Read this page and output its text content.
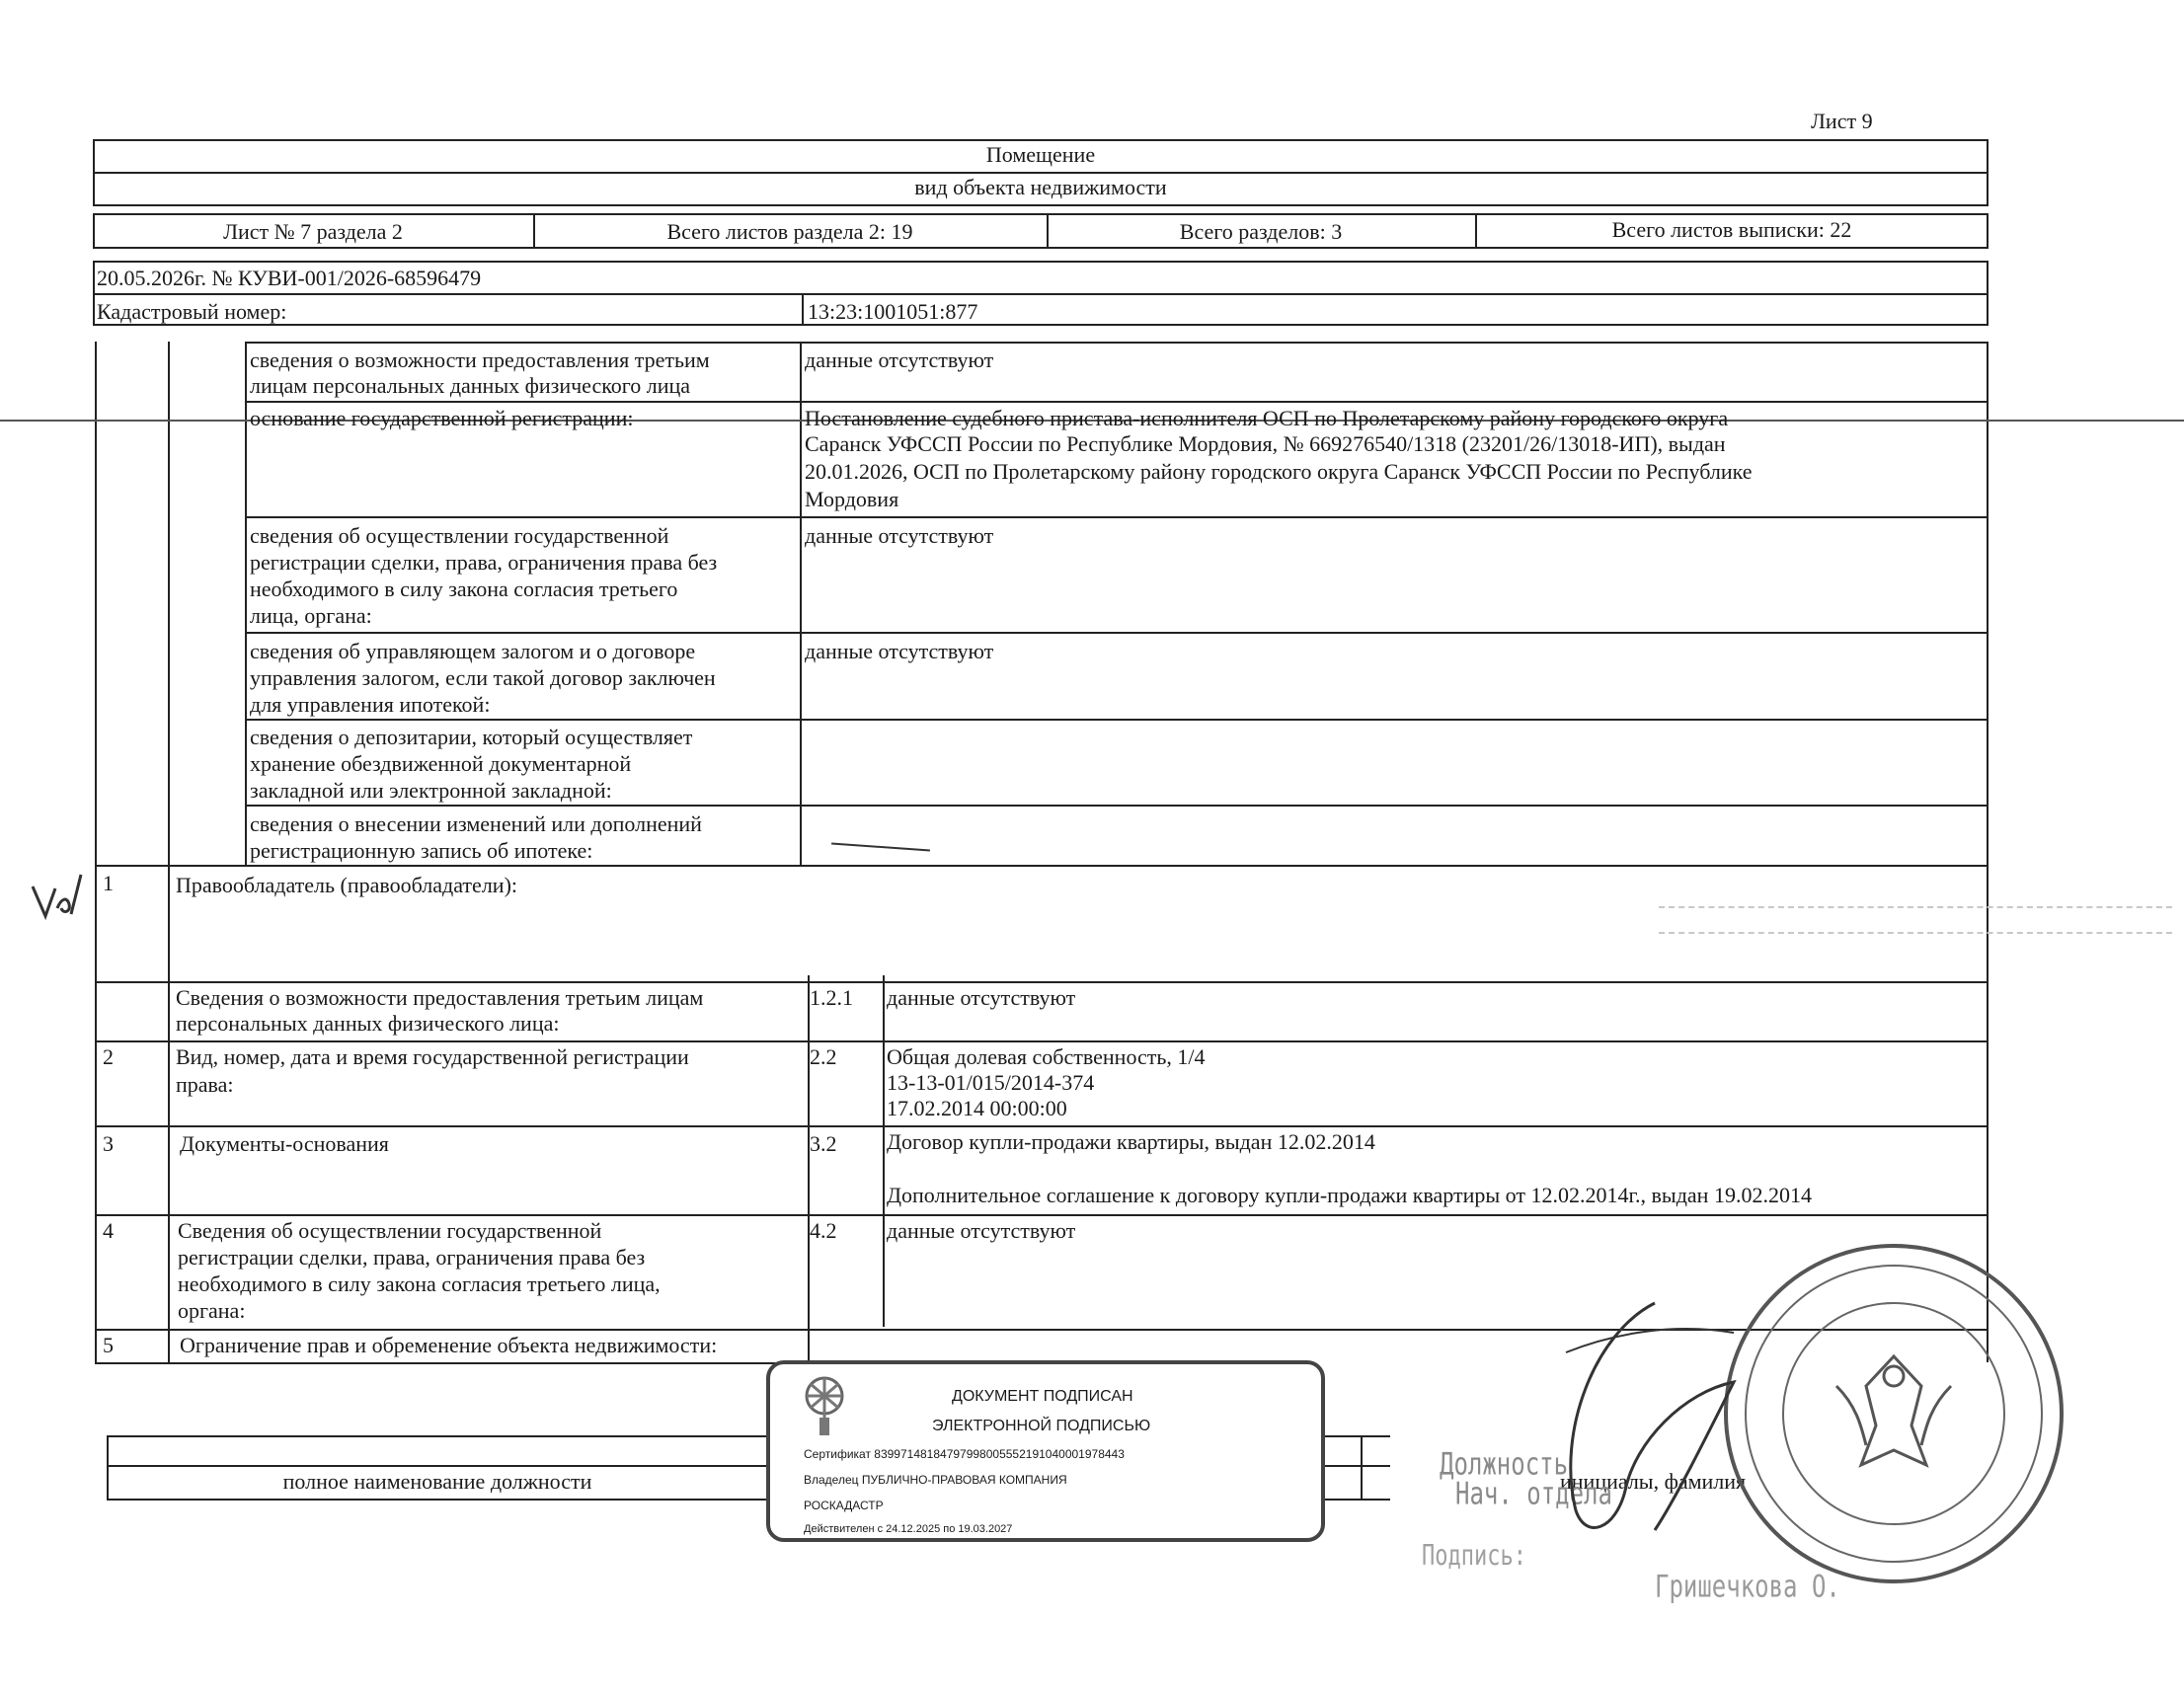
Лист 9
Помещение
вид объекта недвижимости
Лист № 7 раздела 2	Всего листов раздела 2: 19	Всего разделов: 3	Всего листов выписки: 22
20.05.2026г. № КУВИ-001/2026-68596479
Кадастровый номер:	13:23:1001051:877
сведения о возможности предоставления третьим
лицам персональных данных физического лица
данные отсутствуют
основание государственной регистрации:	Постановление судебного пристава-исполнителя ОСП по Пролетарскому району городского округа
Саранск УФССП России по Республике Мордовия, № 669276540/1318 (23201/26/13018-ИП), выдан
20.01.2026, ОСП по Пролетарскому району городского округа Саранск УФССП России по Республике
Мордовия
сведения об осуществлении государственной
регистрации сделки, права, ограничения права без
необходимого в силу закона согласия третьего
лица, органа:
данные отсутствуют
сведения об управляющем залогом и о договоре
управления залогом, если такой договор заключен
для управления ипотекой:
данные отсутствуют
сведения о депозитарии, который осуществляет
хранение обездвиженной документарной
закладной или электронной закладной:
сведения о внесении изменений или дополнений
регистрационную запись об ипотеке:
1	Правообладатель (правообладатели):
Сведения о возможности предоставления третьим лицам
персональных данных физического лица:
1.2.1 данные отсутствуют
2	Вид, номер, дата и время государственной регистрации
права:
2.2 Общая долевая собственность, 1/4
13-13-01/015/2014-374
17.02.2014 00:00:00
3	Документы-основания	3.2 Договор купли-продажи квартиры, выдан 12.02.2014
Дополнительное соглашение к договору купли-продажи квартиры от 12.02.2014г., выдан 19.02.2014
4	Сведения об осуществлении государственной
регистрации сделки, права, ограничения права без
необходимого в силу закона согласия третьего лица,
органа:
4.2 данные отсутствуют
5	Ограничение прав и обременение объекта недвижимости:
полное наименование должности	инициалы, фамилия
Должность
Нач. отдела
Подпись:
Гришечкова О.
ДОКУМЕНТ ПОДПИСАН
ЭЛЕКТРОННОЙ ПОДПИСЬЮ
Сертификат 83997148184797998005552191040001978443
Владелец ПУБЛИЧНО-ПРАВОВАЯ КОМПАНИЯ
РОСКАДАСТР
Действителен с 24.12.2025 по 19.03.2027
